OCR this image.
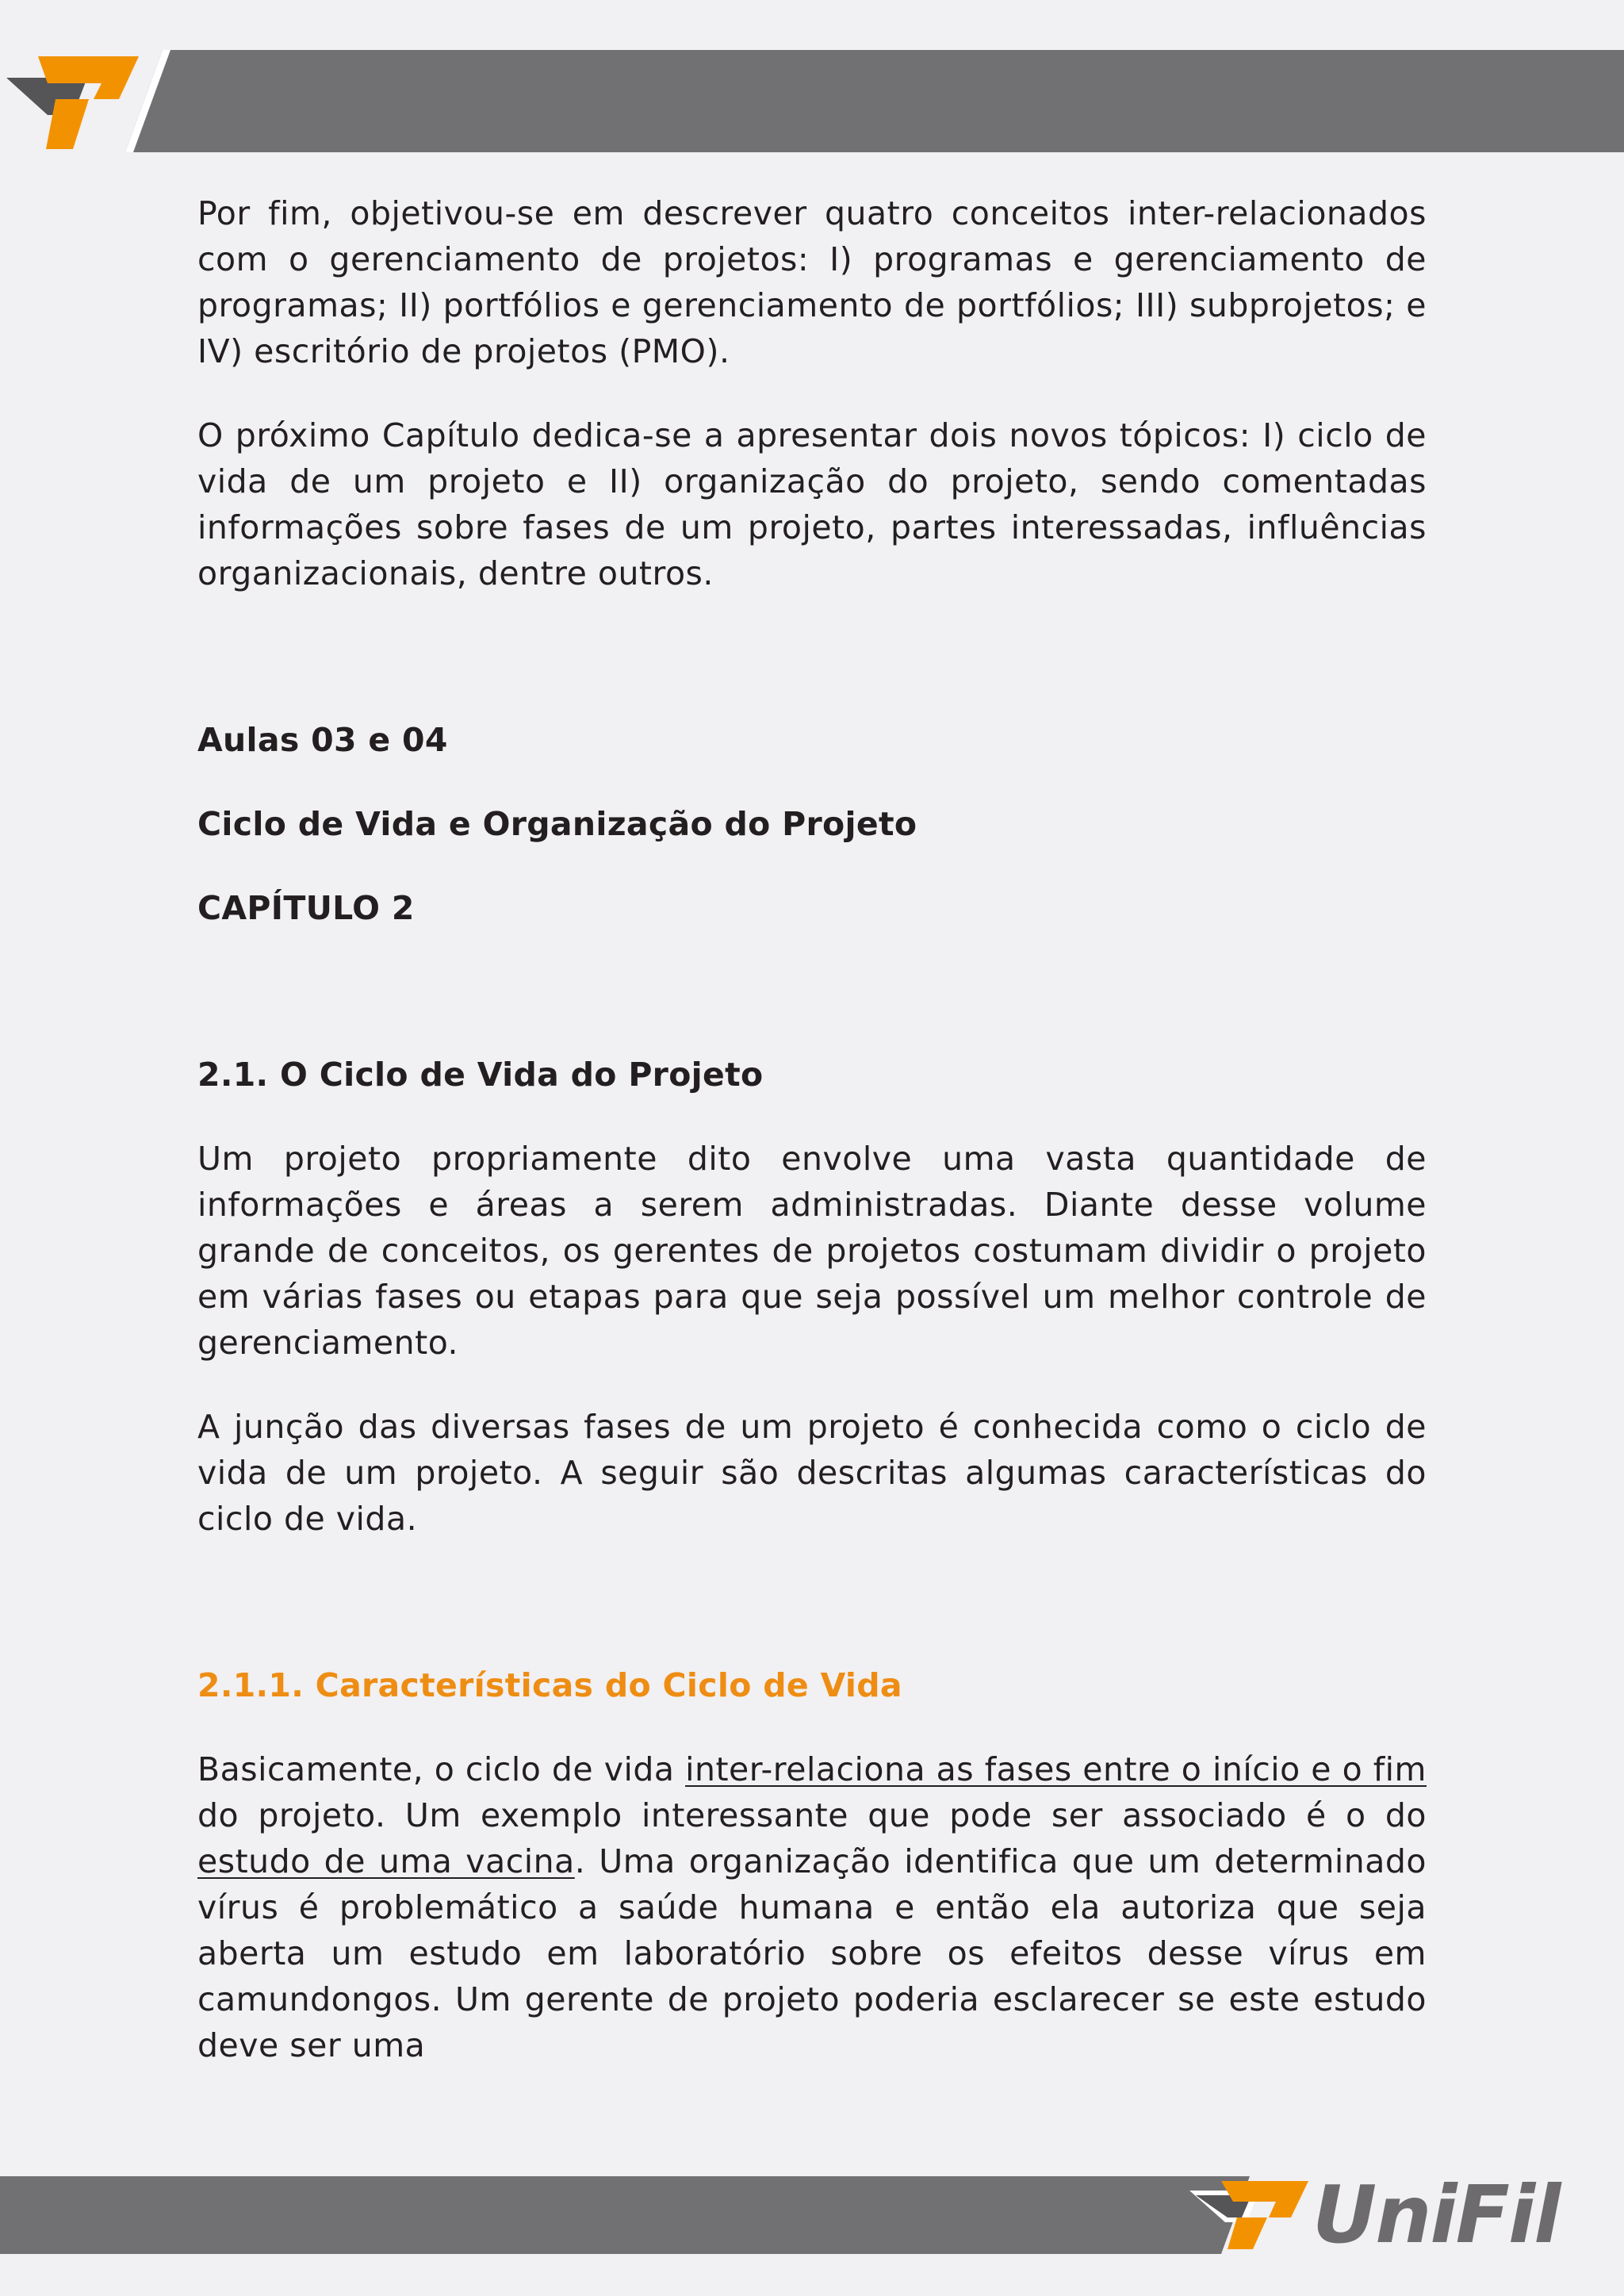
Por fim, objetivou-se em descrever quatro conceitos inter-relacionados com o gerenciamento de projetos: I) programas e gerenciamento de programas; II) portfólios e gerenciamento de portfólios; III) subprojetos; e IV) escritório de projetos (PMO).

O próximo Capítulo dedica-se a apresentar dois novos tópicos: I) ciclo de vida de um projeto e II) organização do projeto, sendo comentadas informações sobre fases de um projeto, partes interessadas, influências organizacionais, dentre outros.

Aulas 03 e 04
Ciclo de Vida e Organização do Projeto
CAPÍTULO 2
2.1. O Ciclo de Vida do Projeto

Um projeto propriamente dito envolve uma vasta quantidade de informações e áreas a serem administradas. Diante desse volume grande de conceitos, os gerentes de projetos costumam dividir o projeto em várias fases ou etapas para que seja possível um melhor controle de gerenciamento.

A junção das diversas fases de um projeto é conhecida como o ciclo de vida de um projeto. A seguir são descritas algumas características do ciclo de vida.

2.1.1. Características do Ciclo de Vida

Basicamente, o ciclo de vida inter-relaciona as fases entre o início e o fim do projeto. Um exemplo interessante que pode ser associado é o do estudo de uma vacina. Uma organização identifica que um determinado vírus é problemático a saúde humana e então ela autoriza que seja aberta um estudo em laboratório sobre os efeitos desse vírus em camundongos. Um gerente de projeto poderia esclarecer se este estudo deve ser uma

UniFil
